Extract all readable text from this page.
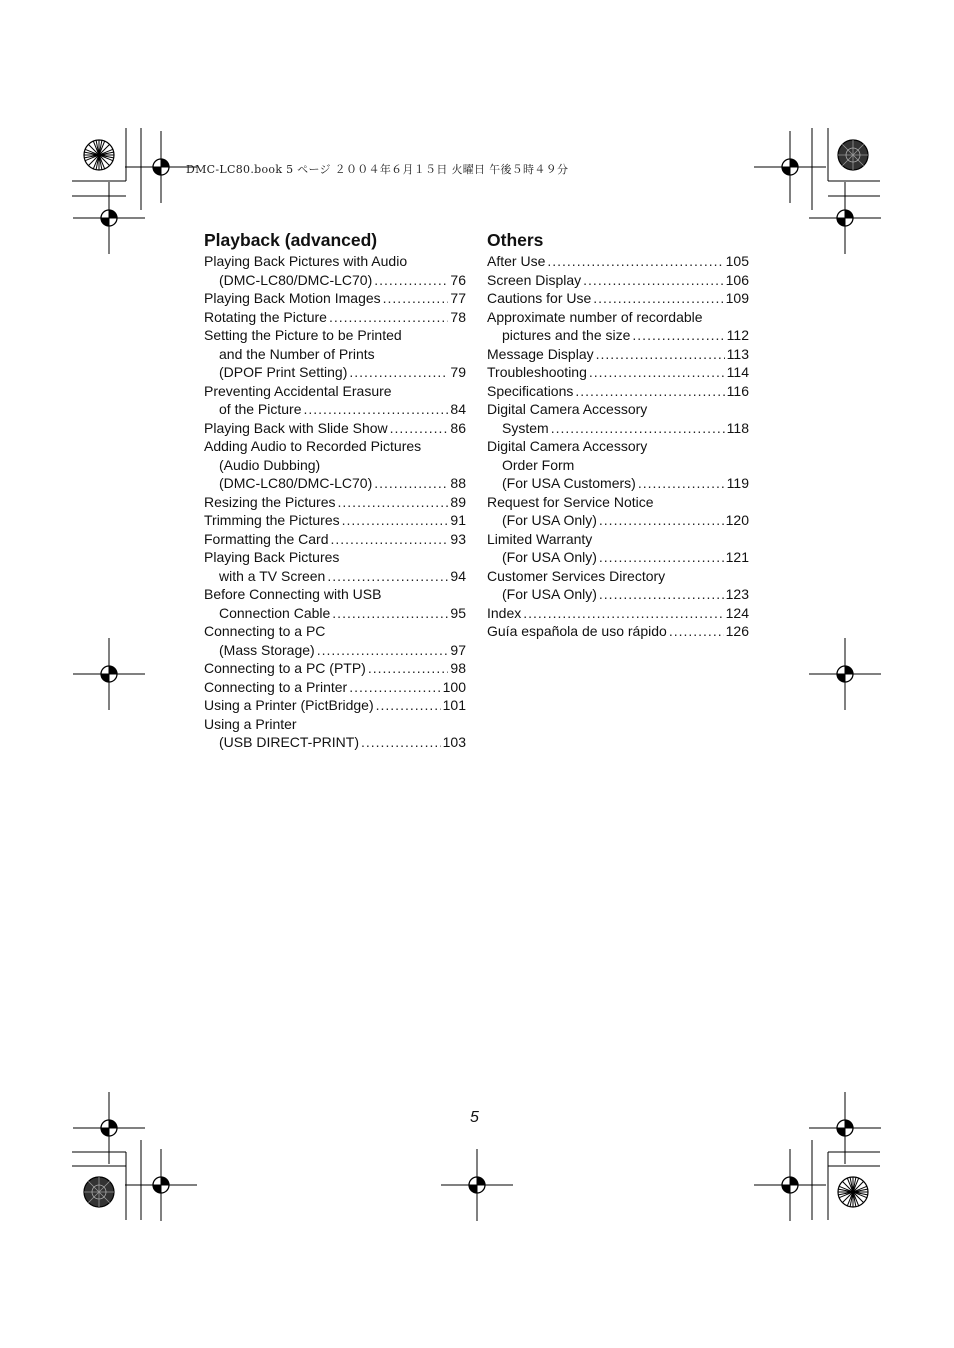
DMC-LC80.book 5 ページ ２００４年６月１５日 火曜日 午後５時４９分
Playback (advanced)
Playing Back Pictures with Audio
(DMC-LC80/DMC-LC70) .....	76
Playing Back Motion Images .....	77
Rotating the Picture .....	78
Setting the Picture to be Printed
and the Number of Prints
(DPOF Print Setting) .....	79
Preventing Accidental Erasure
of the Picture .....	84
Playing Back with Slide Show .....	86
Adding Audio to Recorded Pictures
(Audio Dubbing)
(DMC-LC80/DMC-LC70) .....	88
Resizing the Pictures .....	89
Trimming the Pictures .....	91
Formatting the Card .....	93
Playing Back Pictures
with a TV Screen .....	94
Before Connecting with USB
Connection Cable .....	95
Connecting to a PC
(Mass Storage) .....	97
Connecting to a PC (PTP) .....	98
Connecting to a Printer .....	100
Using a Printer (PictBridge) .....	101
Using a Printer
(USB DIRECT-PRINT) .....	103
Others
After Use .....	105
Screen Display .....	106
Cautions for Use .....	109
Approximate number of recordable
pictures and the size .....	112
Message Display .....	113
Troubleshooting .....	114
Specifications .....	116
Digital Camera Accessory
System .....	118
Digital Camera Accessory
Order Form
(For USA Customers) .....	119
Request for Service Notice
(For USA Only) .....	120
Limited Warranty
(For USA Only) .....	121
Customer Services Directory
(For USA Only) .....	123
Index .....	124
Guía española de uso rápido .....	126
5
